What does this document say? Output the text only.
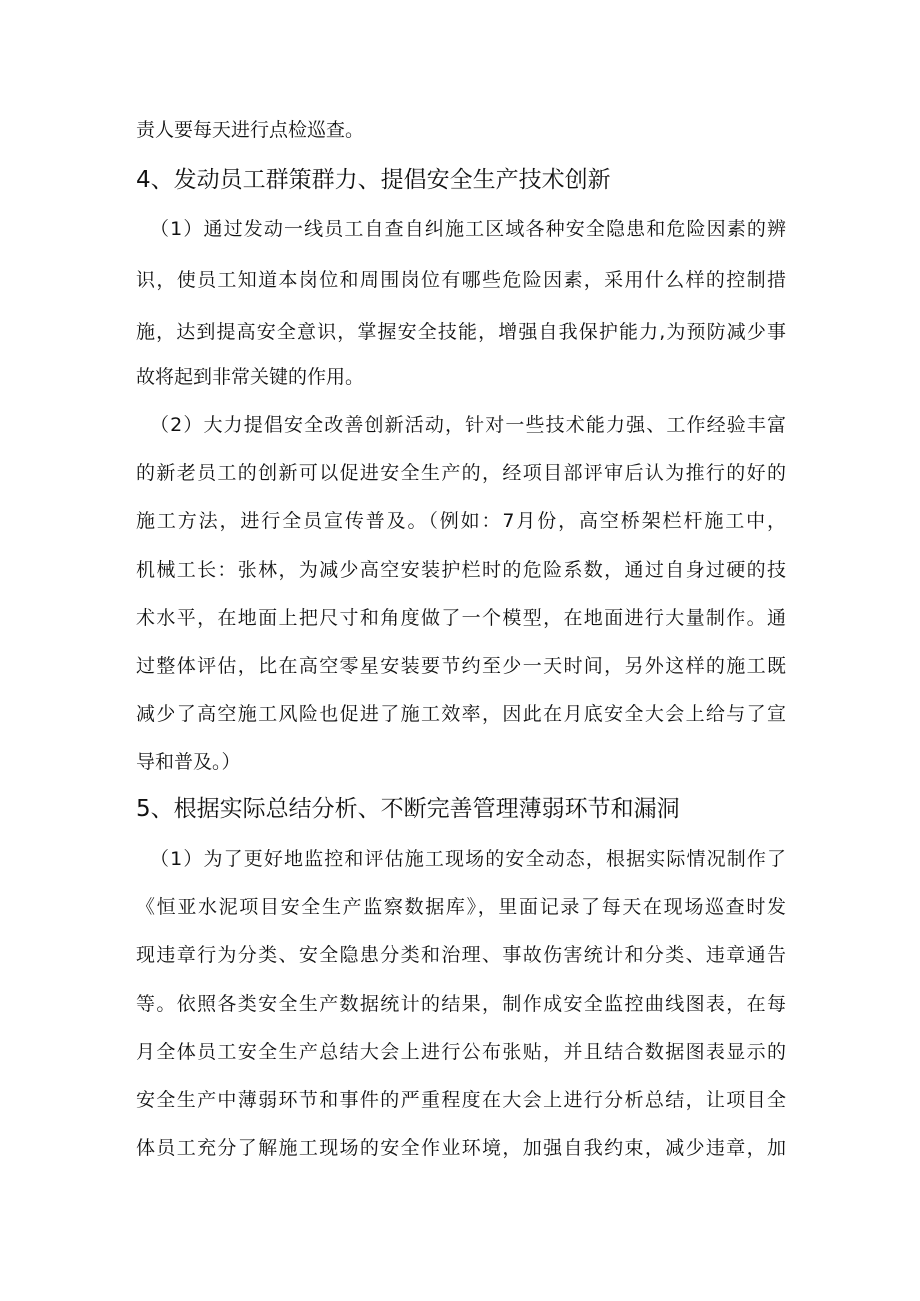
责人要每天进行点检巡查。
4、发动员工群策群力、提倡安全生产技术创新
（1）通过发动一线员工自查自纠施工区域各种安全隐患和危险因素的辨
识，使员工知道本岗位和周围岗位有哪些危险因素，采用什么样的控制措
施，达到提高安全意识，掌握安全技能，增强自我保护能力,为预防减少事
故将起到非常关键的作用。
（2）大力提倡安全改善创新活动，针对一些技术能力强、工作经验丰富
的新老员工的创新可以促进安全生产的，经项目部评审后认为推行的好的
施工方法，进行全员宣传普及。（例如：7月份，高空桥架栏杆施工中，
机械工长：张林，为减少高空安装护栏时的危险系数，通过自身过硬的技
术水平，在地面上把尺寸和角度做了一个模型，在地面进行大量制作。通
过整体评估，比在高空零星安装要节约至少一天时间，另外这样的施工既
减少了高空施工风险也促进了施工效率，因此在月底安全大会上给与了宣
导和普及。）
5、根据实际总结分析、不断完善管理薄弱环节和漏洞
（1）为了更好地监控和评估施工现场的安全动态，根据实际情况制作了
《恒亚水泥项目安全生产监察数据库》，里面记录了每天在现场巡查时发
现违章行为分类、安全隐患分类和治理、事故伤害统计和分类、违章通告
等。依照各类安全生产数据统计的结果，制作成安全监控曲线图表，在每
月全体员工安全生产总结大会上进行公布张贴，并且结合数据图表显示的
安全生产中薄弱环节和事件的严重程度在大会上进行分析总结，让项目全
体员工充分了解施工现场的安全作业环境，加强自我约束，减少违章，加
